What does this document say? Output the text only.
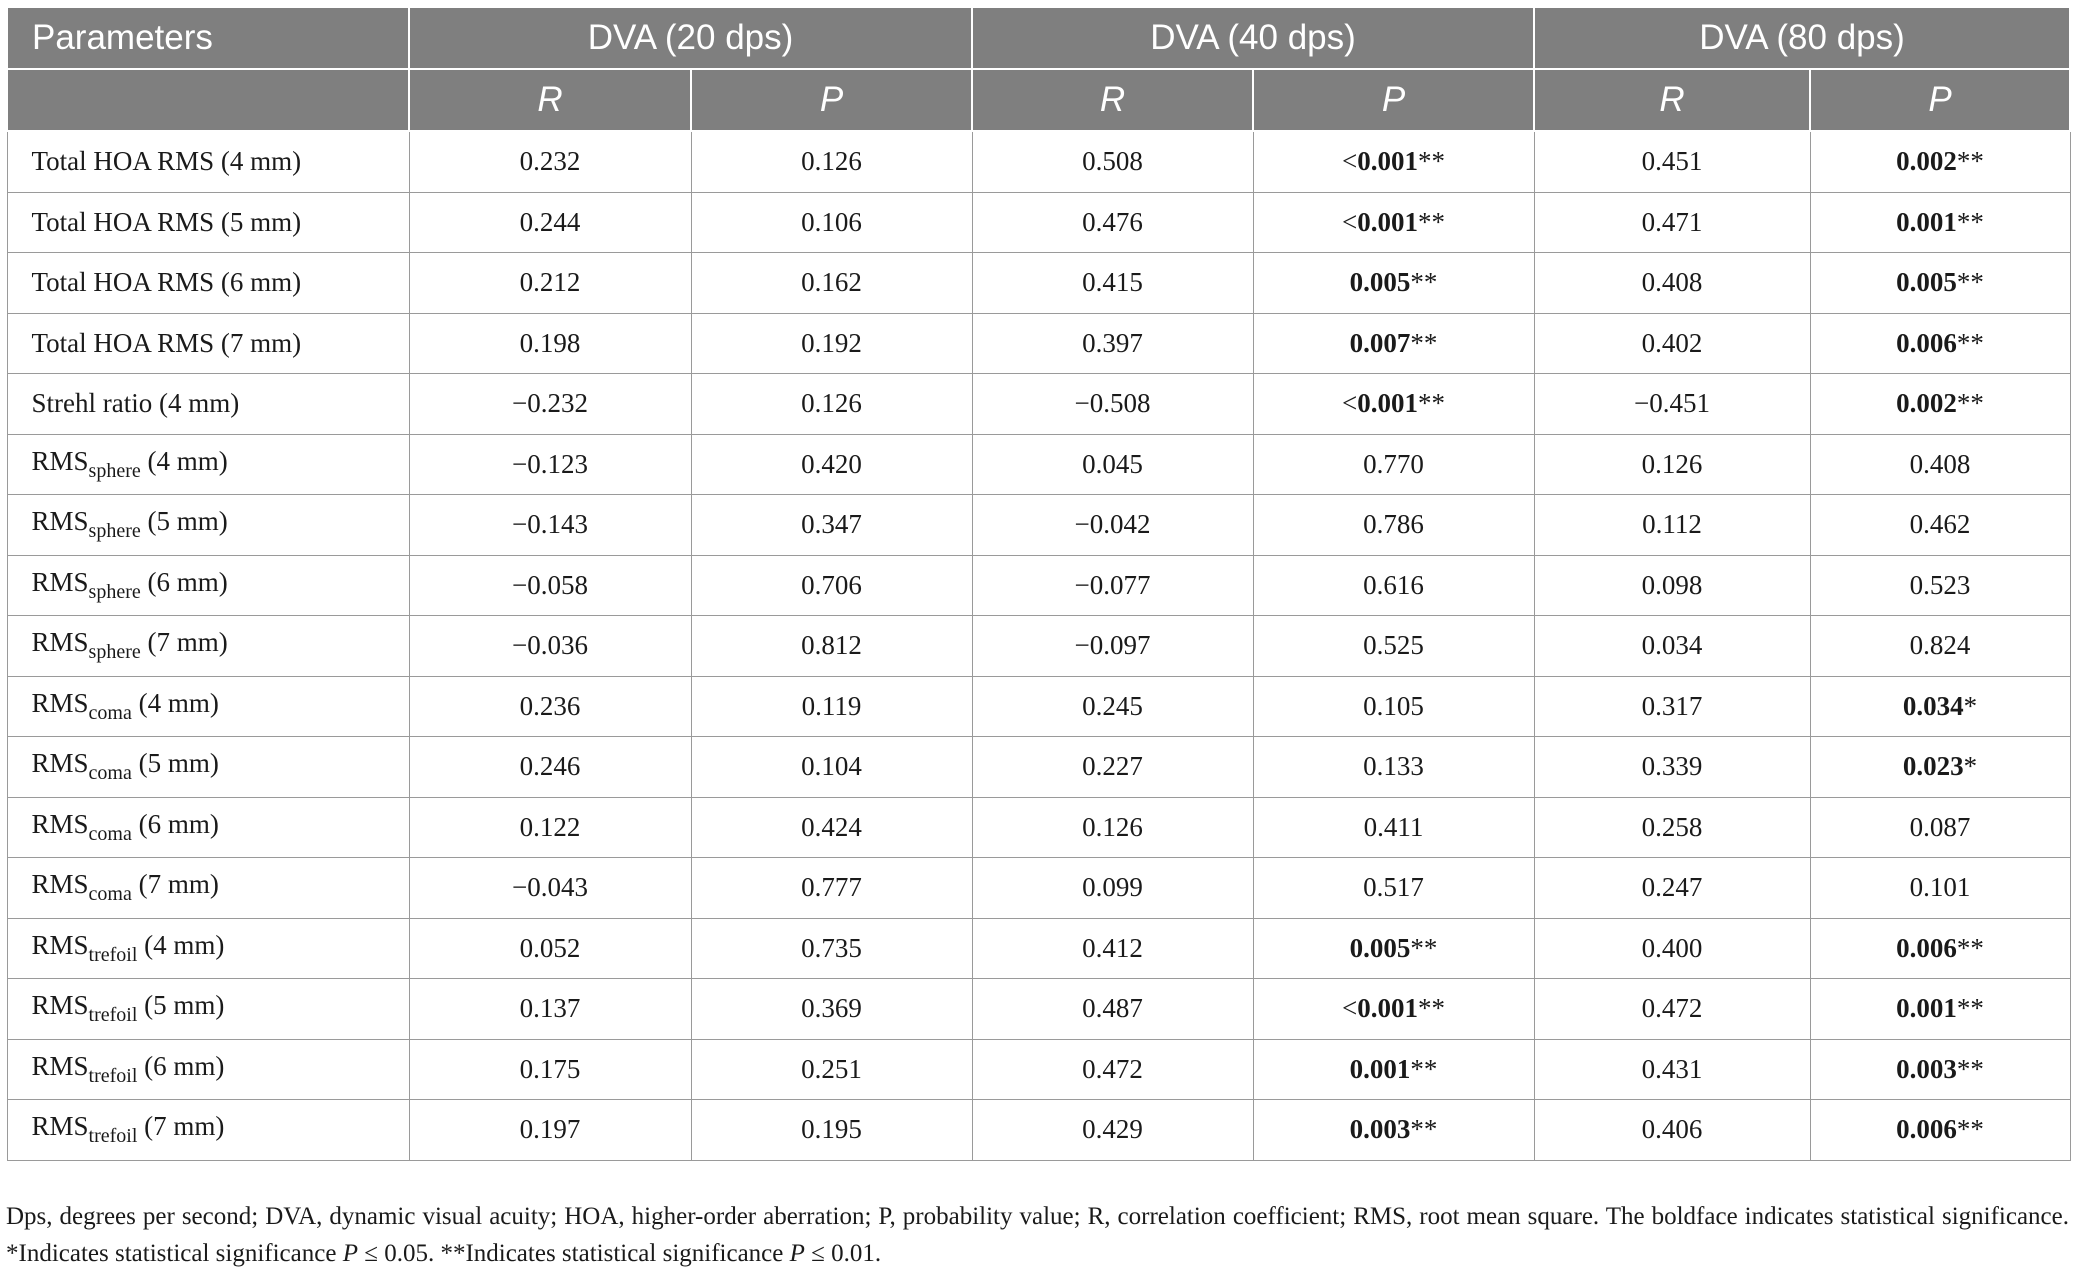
Parameters	DVA (20 dps)		DVA (40 dps)		DVA (80 dps)	
	R	P	R	P	R	P
Total HOA RMS (4 mm)	0.232	0.126	0.508	<0.001**	0.451	0.002**
Total HOA RMS (5 mm)	0.244	0.106	0.476	<0.001**	0.471	0.001**
Total HOA RMS (6 mm)	0.212	0.162	0.415	0.005**	0.408	0.005**
Total HOA RMS (7 mm)	0.198	0.192	0.397	0.007**	0.402	0.006**
Strehl ratio (4 mm)	−0.232	0.126	−0.508	<0.001**	−0.451	0.002**
$RMS_{sphere}$ (4 mm)	−0.123	0.420	0.045	0.770	0.126	0.408
$RMS_{sphere}$ (5 mm)	−0.143	0.347	−0.042	0.786	0.112	0.462
$RMS_{sphere}$ (6 mm)	−0.058	0.706	−0.077	0.616	0.098	0.523
$RMS_{sphere}$ (7 mm)	−0.036	0.812	−0.097	0.525	0.034	0.824
$RMS_{coma}$ (4 mm)	0.236	0.119	0.245	0.105	0.317	0.034*
$RMS_{coma}$ (5 mm)	0.246	0.104	0.227	0.133	0.339	0.023*
$RMS_{coma}$ (6 mm)	0.122	0.424	0.126	0.411	0.258	0.087
$RMS_{coma}$ (7 mm)	−0.043	0.777	0.099	0.517	0.247	0.101
$RMS_{trefoil}$ (4 mm)	0.052	0.735	0.412	0.005**	0.400	0.006**
$RMS_{trefoil}$ (5 mm)	0.137	0.369	0.487	<0.001**	0.472	0.001**
$RMS_{trefoil}$ (6 mm)	0.175	0.251	0.472	0.001**	0.431	0.003**
$RMS_{trefoil}$ (7 mm)	0.197	0.195	0.429	0.003**	0.406	0.006**
Dps, degrees per second; DVA, dynamic visual acuity; HOA, higher-order aberration; P, probability value; R, correlation coefficient; RMS, root mean square. The boldface indicates statistical significance. *Indicates statistical significance P ≤ 0.05. **Indicates statistical significance P ≤ 0.01.
